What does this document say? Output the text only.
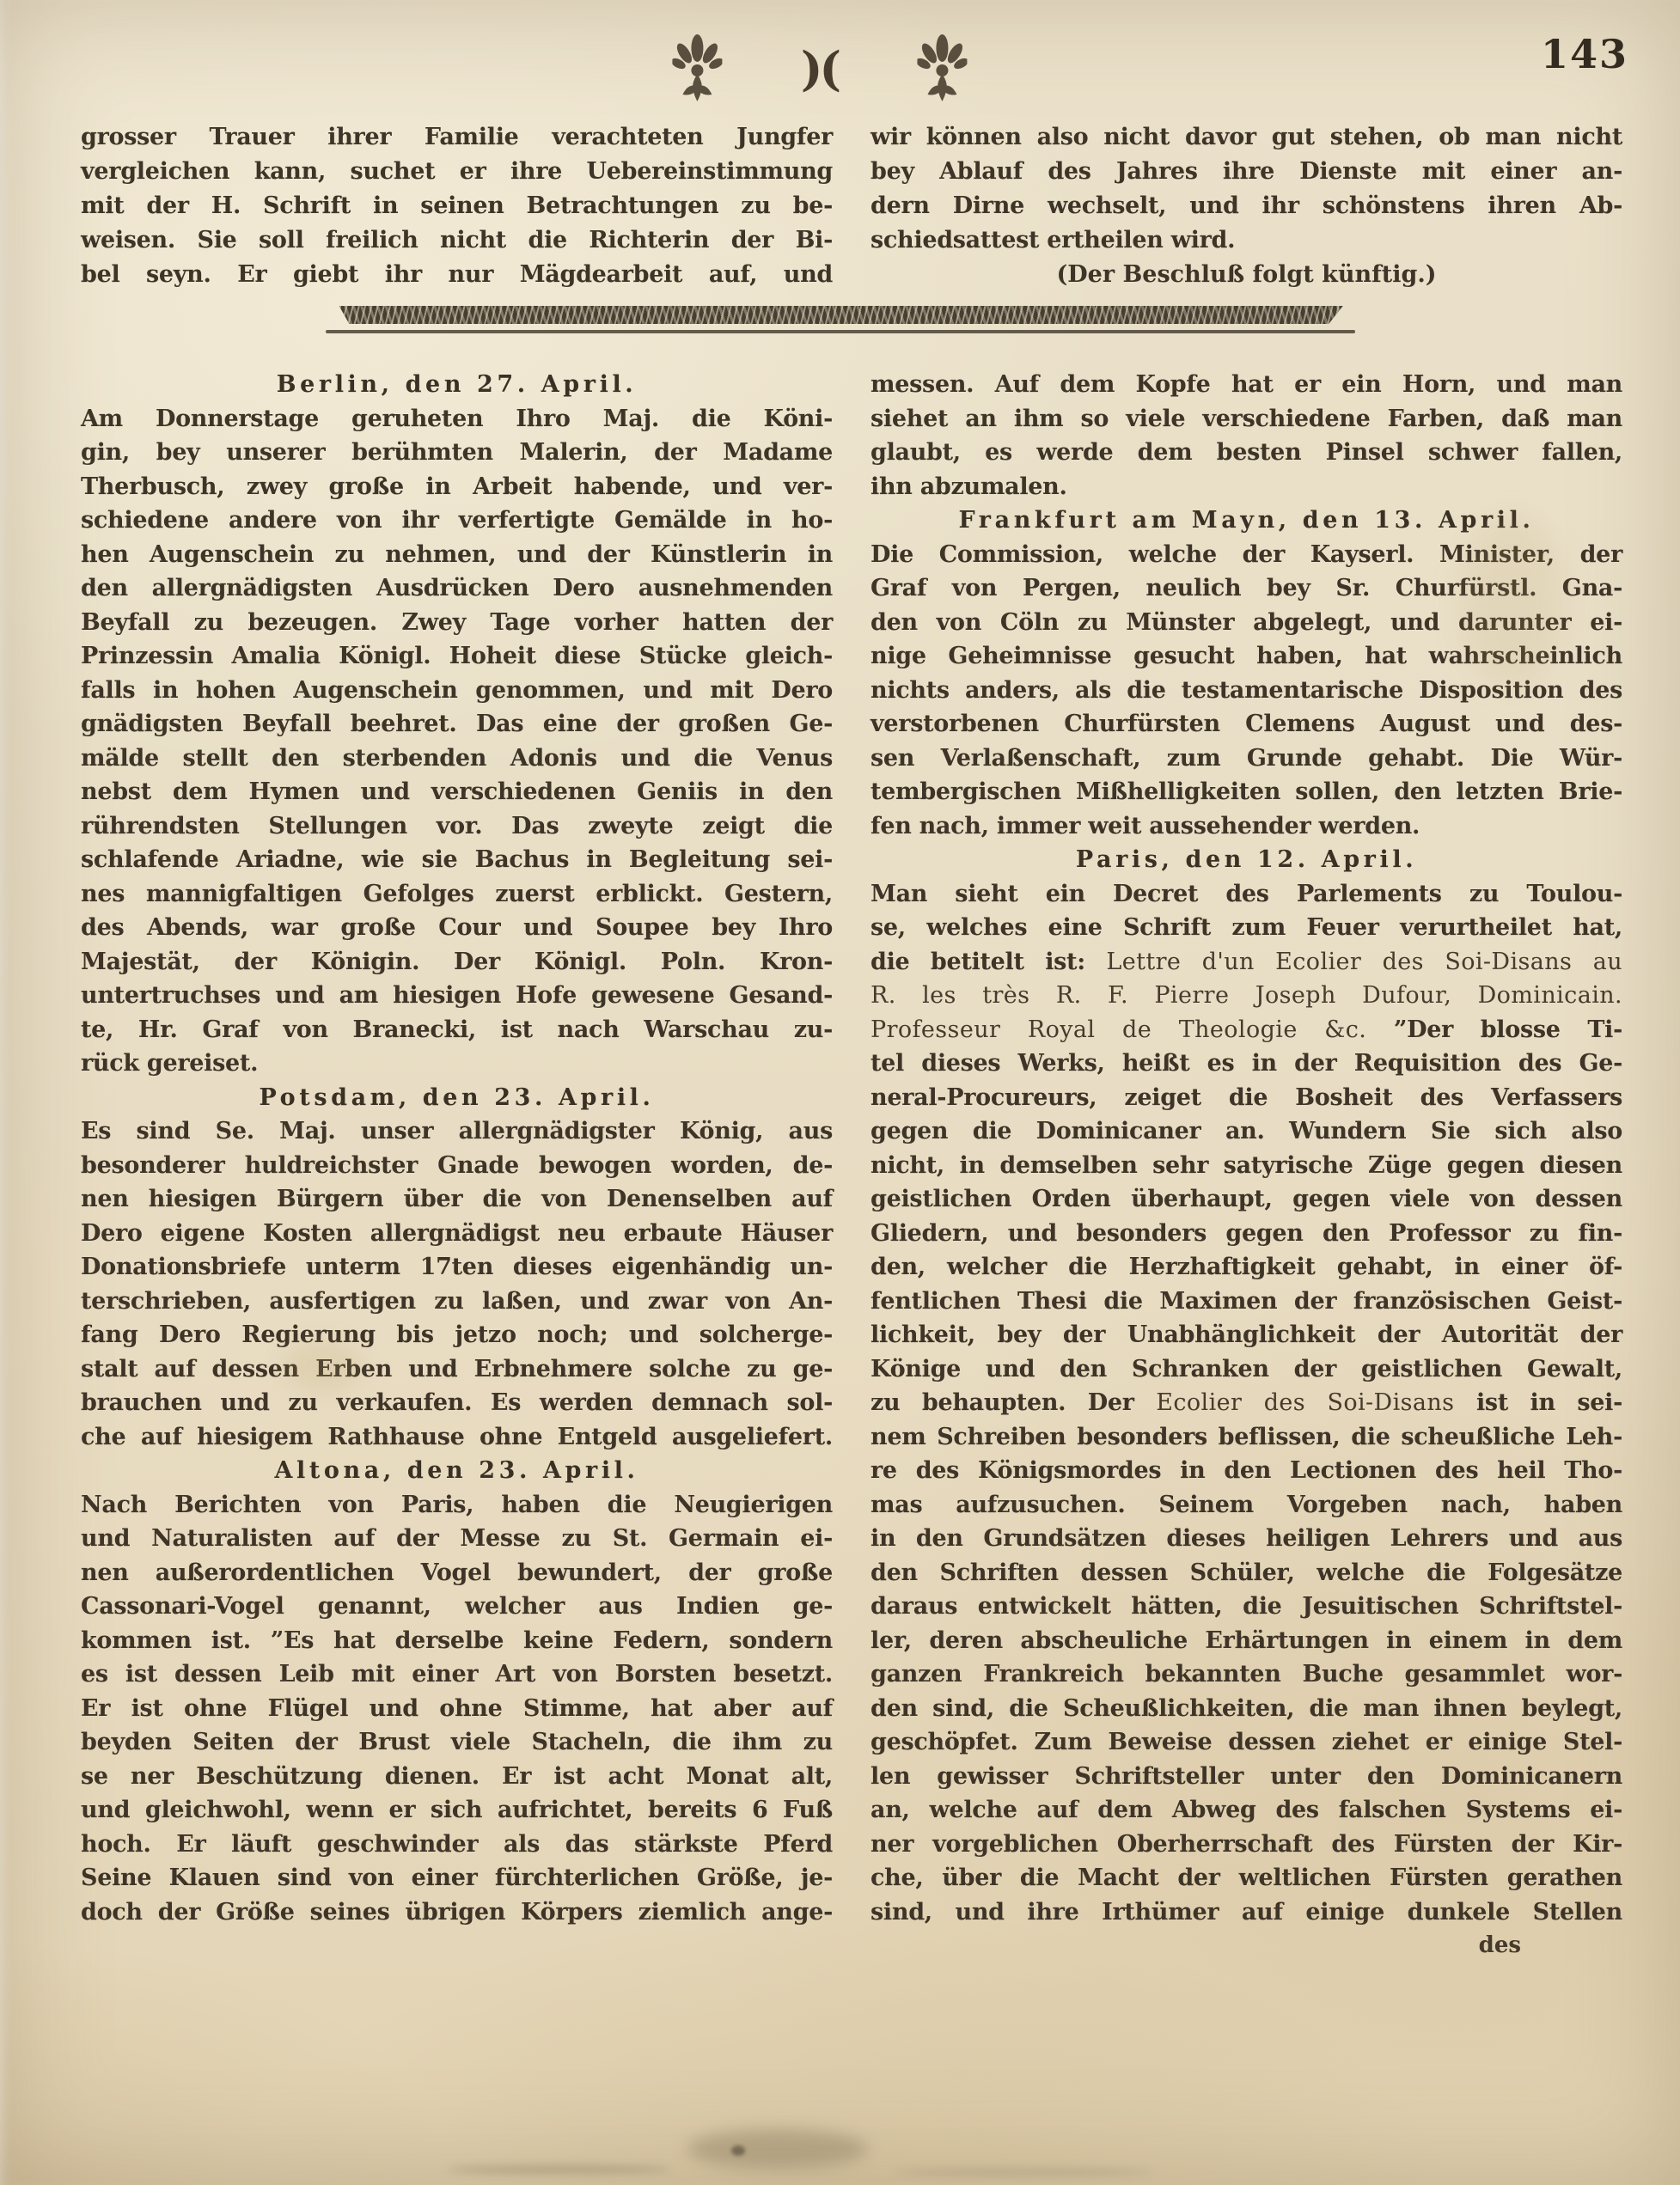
)(	143
grosser Trauer ihrer Familie verachteten Jungfer
vergleichen kann, suchet er ihre Uebereinstimmung
mit der H. Schrift in seinen Betrachtungen zu be-
weisen. Sie soll freilich nicht die Richterin der Bi-
bel seyn. Er giebt ihr nur Mägdearbeit auf, und
wir können also nicht davor gut stehen, ob man nicht
bey Ablauf des Jahres ihre Dienste mit einer an-
dern Dirne wechselt, und ihr schönstens ihren Ab-
schiedsattest ertheilen wird.
(Der Beschluß folgt künftig.)
Berlin, den 27. April.
Am Donnerstage geruheten Ihro Maj. die Köni-
gin, bey unserer berühmten Malerin, der Madame
Therbusch, zwey große in Arbeit habende, und ver-
schiedene andere von ihr verfertigte Gemälde in ho-
hen Augenschein zu nehmen, und der Künstlerin in
den allergnädigsten Ausdrücken Dero ausnehmenden
Beyfall zu bezeugen. Zwey Tage vorher hatten der
Prinzessin Amalia Königl. Hoheit diese Stücke gleich-
falls in hohen Augenschein genommen, und mit Dero
gnädigsten Beyfall beehret. Das eine der großen Ge-
mälde stellt den sterbenden Adonis und die Venus
nebst dem Hymen und verschiedenen Geniis in den
rührendsten Stellungen vor. Das zweyte zeigt die
schlafende Ariadne, wie sie Bachus in Begleitung sei-
nes mannigfaltigen Gefolges zuerst erblickt. Gestern,
des Abends, war große Cour und Soupee bey Ihro
Majestät, der Königin. Der Königl. Poln. Kron-
untertruchses und am hiesigen Hofe gewesene Gesand-
te, Hr. Graf von Branecki, ist nach Warschau zu-
rück gereiset.
Potsdam, den 23. April.
Es sind Se. Maj. unser allergnädigster König, aus
besonderer huldreichster Gnade bewogen worden, de-
nen hiesigen Bürgern über die von Denenselben auf
Dero eigene Kosten allergnädigst neu erbaute Häuser
Donationsbriefe unterm 17ten dieses eigenhändig un-
terschrieben, ausfertigen zu laßen, und zwar von An-
fang Dero Regierung bis jetzo noch; und solcherge-
stalt auf dessen Erben und Erbnehmere solche zu ge-
brauchen und zu verkaufen. Es werden demnach sol-
che auf hiesigem Rathhause ohne Entgeld ausgeliefert.
Altona, den 23. April.
Nach Berichten von Paris, haben die Neugierigen
und Naturalisten auf der Messe zu St. Germain ei-
nen außerordentlichen Vogel bewundert, der große
Cassonari-Vogel genannt, welcher aus Indien ge-
kommen ist. ”Es hat derselbe keine Federn, sondern
es ist dessen Leib mit einer Art von Borsten besetzt.
Er ist ohne Flügel und ohne Stimme, hat aber auf
beyden Seiten der Brust viele Stacheln, die ihm zu
se ner Beschützung dienen. Er ist acht Monat alt,
und gleichwohl, wenn er sich aufrichtet, bereits 6 Fuß
hoch. Er läuft geschwinder als das stärkste Pferd
Seine Klauen sind von einer fürchterlichen Größe, je-
doch der Größe seines übrigen Körpers ziemlich ange-
messen. Auf dem Kopfe hat er ein Horn, und man
siehet an ihm so viele verschiedene Farben, daß man
glaubt, es werde dem besten Pinsel schwer fallen,
ihn abzumalen.
Frankfurt am Mayn, den 13. April.
Die Commission, welche der Kayserl. Minister, der
Graf von Pergen, neulich bey Sr. Churfürstl. Gna-
den von Cöln zu Münster abgelegt, und darunter ei-
nige Geheimnisse gesucht haben, hat wahrscheinlich
nichts anders, als die testamentarische Disposition des
verstorbenen Churfürsten Clemens August und des-
sen Verlaßenschaft, zum Grunde gehabt. Die Wür-
tembergischen Mißhelligkeiten sollen, den letzten Brie-
fen nach, immer weit aussehender werden.
Paris, den 12. April.
Man sieht ein Decret des Parlements zu Toulou-
se, welches eine Schrift zum Feuer verurtheilet hat,
die betitelt ist: Lettre d'un Ecolier des Soi-Disans au
R. les très R. F. Pierre Joseph Dufour, Dominicain.
Professeur Royal de Theologie &c. ”Der blosse Ti-
tel dieses Werks, heißt es in der Requisition des Ge-
neral-Procureurs, zeiget die Bosheit des Verfassers
gegen die Dominicaner an. Wundern Sie sich also
nicht, in demselben sehr satyrische Züge gegen diesen
geistlichen Orden überhaupt, gegen viele von dessen
Gliedern, und besonders gegen den Professor zu fin-
den, welcher die Herzhaftigkeit gehabt, in einer öf-
fentlichen Thesi die Maximen der französischen Geist-
lichkeit, bey der Unabhänglichkeit der Autorität der
Könige und den Schranken der geistlichen Gewalt,
zu behaupten. Der Ecolier des Soi-Disans ist in sei-
nem Schreiben besonders beflissen, die scheußliche Leh-
re des Königsmordes in den Lectionen des heil Tho-
mas aufzusuchen. Seinem Vorgeben nach, haben
in den Grundsätzen dieses heiligen Lehrers und aus
den Schriften dessen Schüler, welche die Folgesätze
daraus entwickelt hätten, die Jesuitischen Schriftstel-
ler, deren abscheuliche Erhärtungen in einem in dem
ganzen Frankreich bekannten Buche gesammlet wor-
den sind, die Scheußlichkeiten, die man ihnen beylegt,
geschöpfet. Zum Beweise dessen ziehet er einige Stel-
len gewisser Schriftsteller unter den Dominicanern
an, welche auf dem Abweg des falschen Systems ei-
ner vorgeblichen Oberherrschaft des Fürsten der Kir-
che, über die Macht der weltlichen Fürsten gerathen
sind, und ihre Irthümer auf einige dunkele Stellen
des
